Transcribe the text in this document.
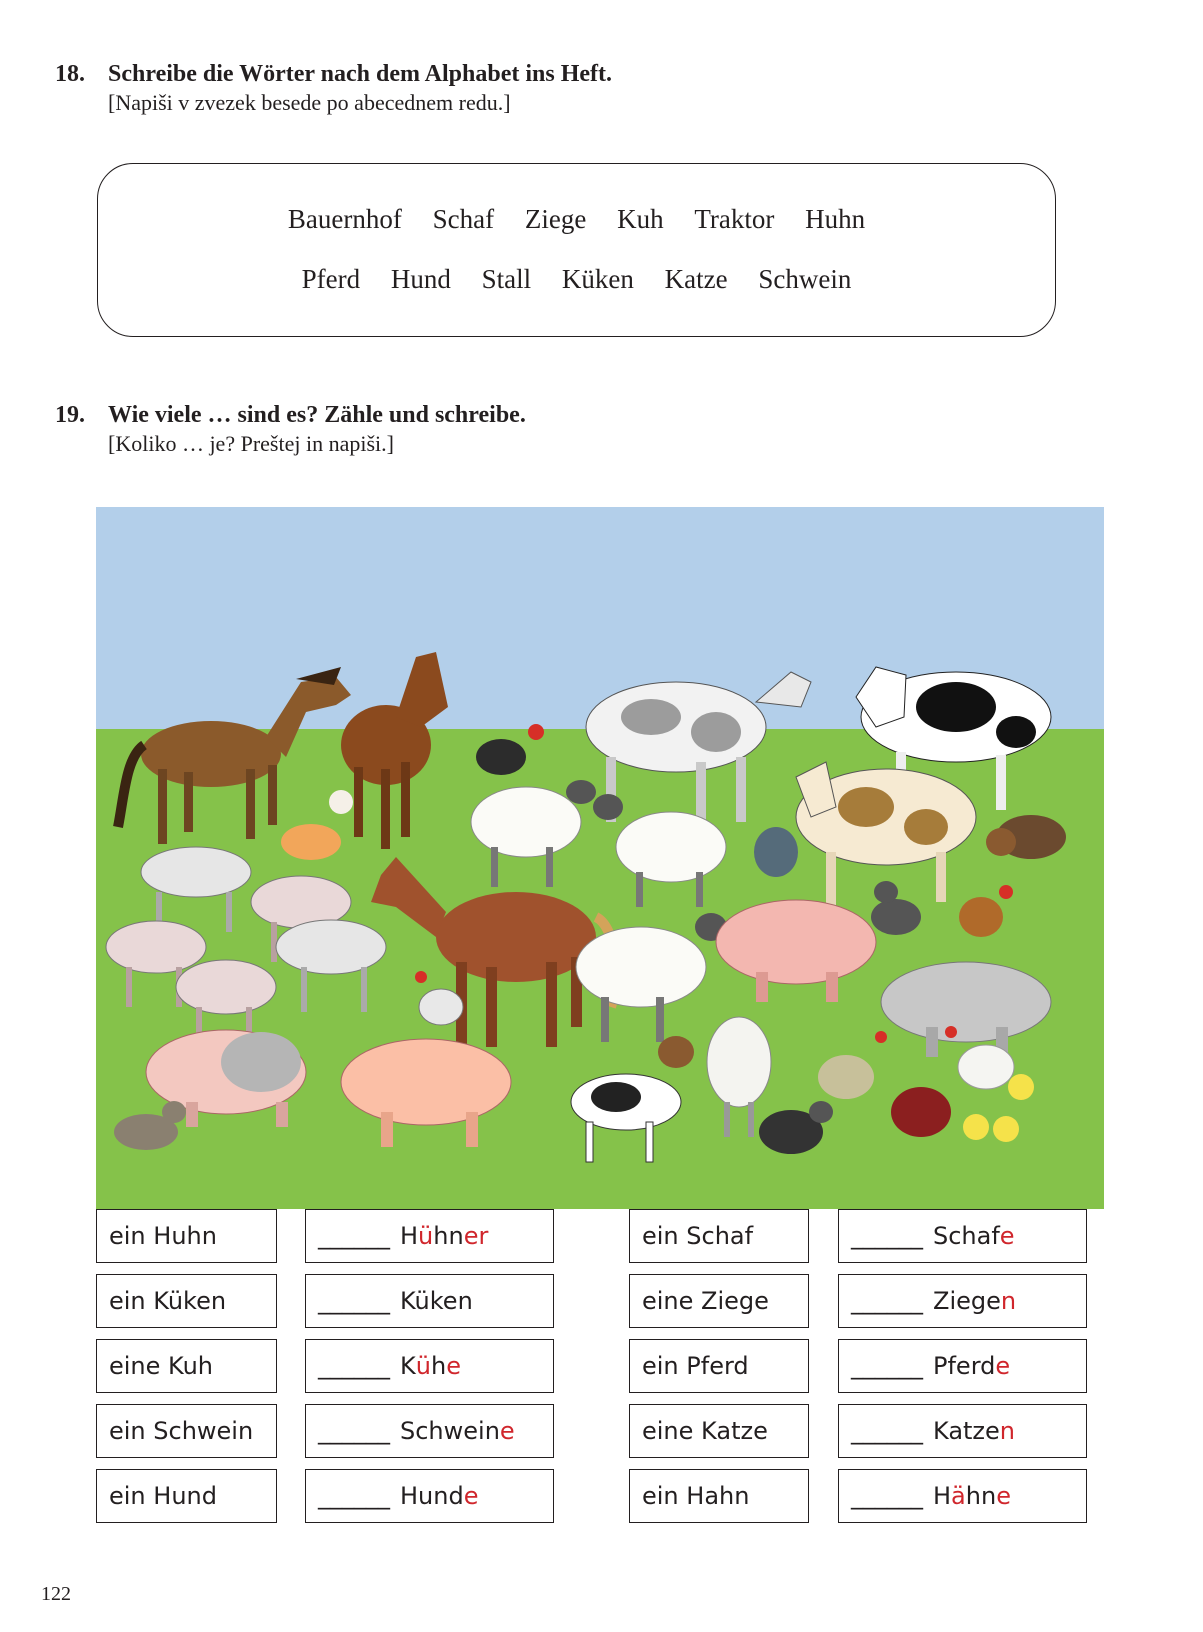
18. Schreibe die Wörter nach dem Alphabet ins Heft.
[Napiši v zvezek besede po abecednem redu.]
Bauernhof Schaf Ziege Kuh Traktor Huhn
Pferd Hund Stall Küken Katze Schwein
19. Wie viele … sind es? Zähle und schreibe.
[Koliko … je? Preštej in napiši.]
ein Huhn	______ H ü hn er
ein Küken	______ Küken
eine Kuh	______ K ü h e
ein Schwein	______ Schwein e
ein Hund	______ Hund e
ein Schaf	______ Schaf e
eine Ziege	______ Ziege n
ein Pferd	______ Pferd e
eine Katze	______ Katze n
ein Hahn	______ H ä hn e
122
